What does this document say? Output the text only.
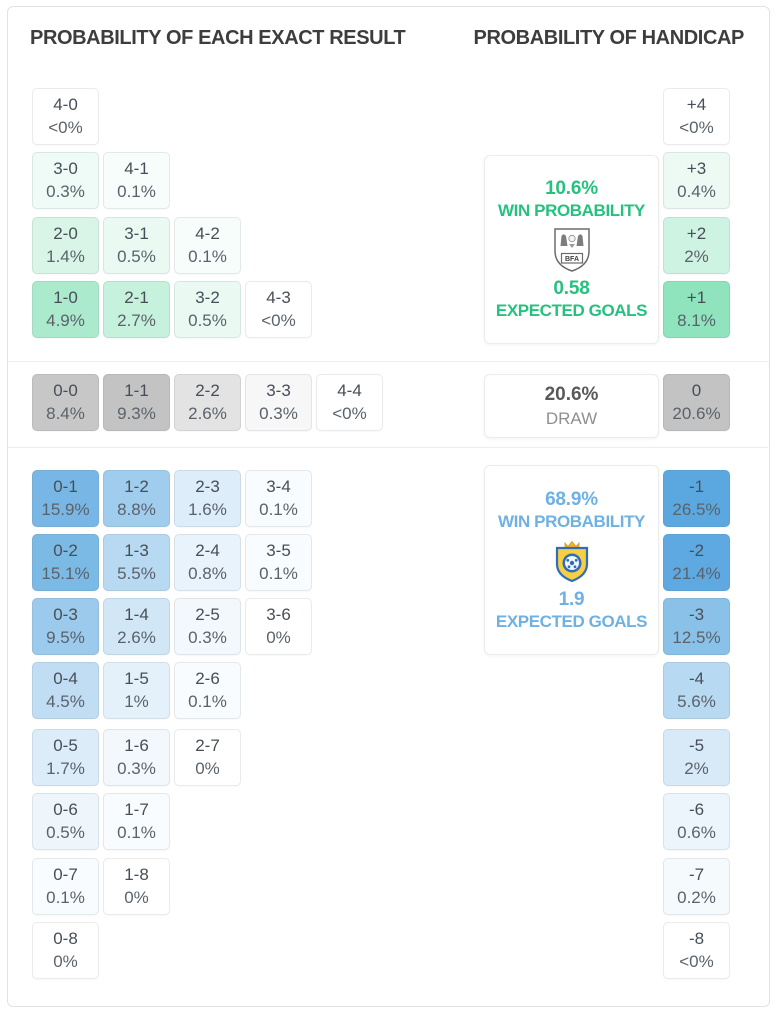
PROBABILITY OF EACH EXACT RESULT	PROBABILITY OF HANDICAP
4-0
<0%
3-0
0.3%
4-1
0.1%
2-0
1.4%
3-1
0.5%
4-2
0.1%
1-0
4.9%
2-1
2.7%
3-2
0.5%
4-3
<0%
0-0
8.4%
1-1
9.3%
2-2
2.6%
3-3
0.3%
4-4
<0%
0-1
15.9%
1-2
8.8%
2-3
1.6%
3-4
0.1%
0-2
15.1%
1-3
5.5%
2-4
0.8%
3-5
0.1%
0-3
9.5%
1-4
2.6%
2-5
0.3%
3-6
0%
0-4
4.5%
1-5
1%
2-6
0.1%
0-5
1.7%
1-6
0.3%
2-7
0%
0-6
0.5%
1-7
0.1%
0-7
0.1%
1-8
0%
0-8
0%
+4
<0%
+3
0.4%
+2
2%
+1
8.1%
0
20.6%
-1
26.5%
-2
21.4%
-3
12.5%
-4
5.6%
-5
2%
-6
0.6%
-7
0.2%
-8
<0%
10.6%
WIN PROBABILITY
BFA
0.58
EXPECTED GOALS
20.6%
DRAW
68.9%
WIN PROBABILITY
1.9
EXPECTED GOALS
